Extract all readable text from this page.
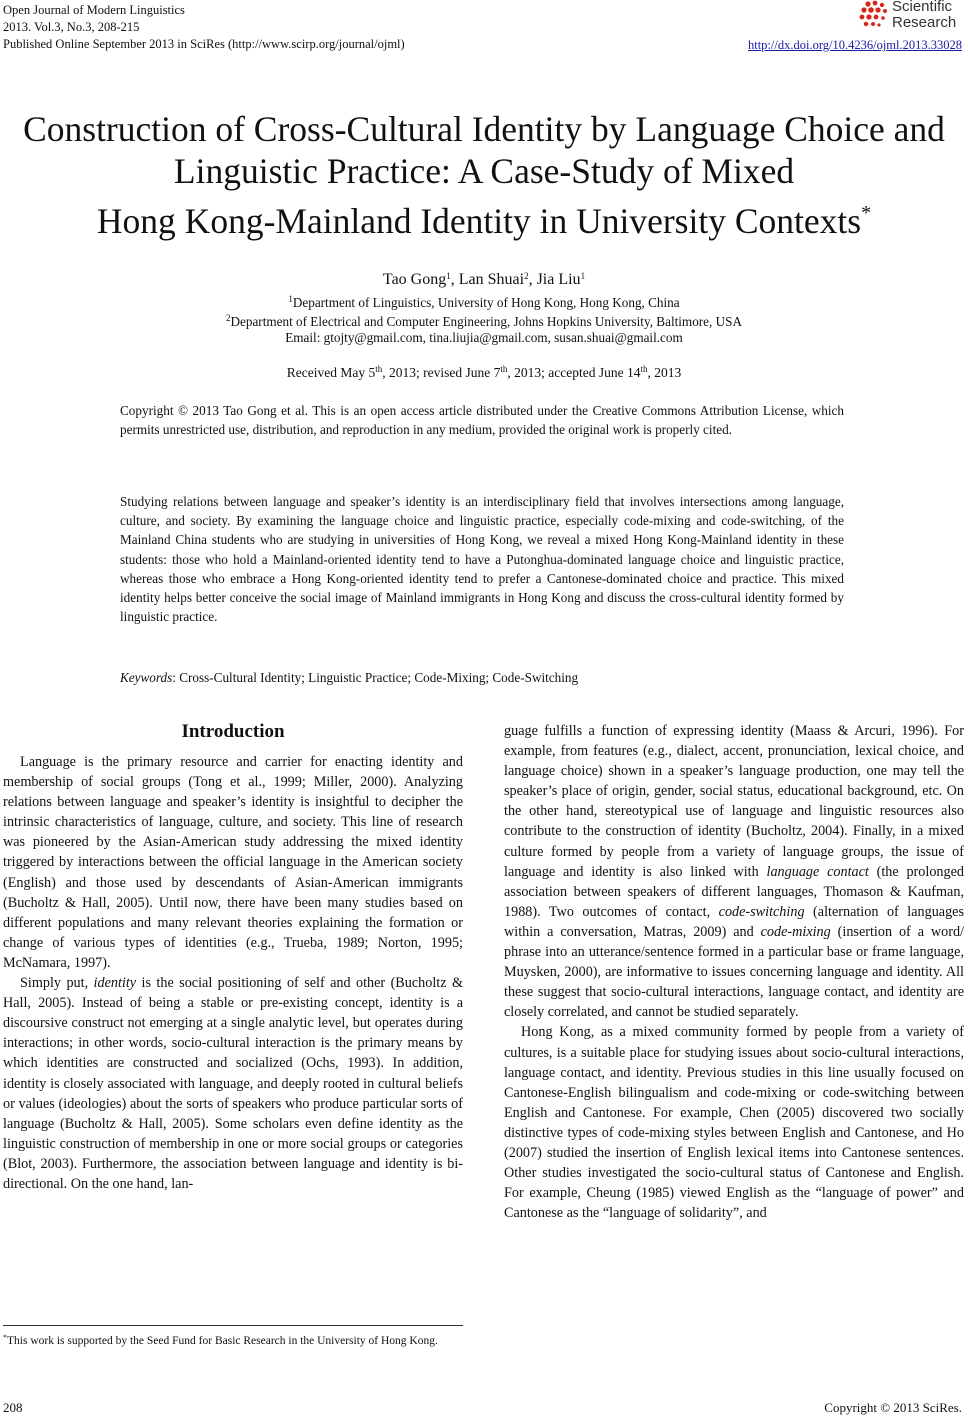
Open Journal of Modern Linguistics
2013. Vol.3, No.3, 208-215
Published Online September 2013 in SciRes (http://www.scirp.org/journal/ojml)	http://dx.doi.org/10.4236/ojml.2013.33028
Scientific
Research
Construction of Cross-Cultural Identity by Language Choice and
Linguistic Practice: A Case-Study of Mixed
Hong Kong-Mainland Identity in University Contexts*
Tao Gong$^1$, Lan Shuai$^2$, Jia Liu$^1$
$^1$Department of Linguistics, University of Hong Kong, Hong Kong, China
$^2$Department of Electrical and Computer Engineering, Johns Hopkins University, Baltimore, USA
Email: gtojty@gmail.com, tina.liujia@gmail.com, susan.shuai@gmail.com
Received May 5th, 2013; revised June 7th, 2013; accepted June 14th, 2013
Copyright © 2013 Tao Gong et al. This is an open access article distributed under the Creative Commons Attribution License, which permits unrestricted use, distribution, and reproduction in any medium, provided the original work is properly cited.
Studying relations between language and speaker’s identity is an interdisciplinary field that involves intersections among language, culture, and society. By examining the language choice and linguistic practice, especially code-mixing and code-switching, of the Mainland China students who are studying in universities of Hong Kong, we reveal a mixed Hong Kong-Mainland identity in these students: those who hold a Mainland-oriented identity tend to have a Putonghua-dominated language choice and linguistic practice, whereas those who embrace a Hong Kong-oriented identity tend to prefer a Cantonese-dominated choice and practice. This mixed identity helps better conceive the social image of Mainland immigrants in Hong Kong and discuss the cross-cultural identity formed by linguistic practice.
Keywords: Cross-Cultural Identity; Linguistic Practice; Code-Mixing; Code-Switching
Introduction

Language is the primary resource and carrier for enacting identity and membership of social groups (Tong et al., 1999; Miller, 2000). Analyzing relations between language and speaker’s identity is insightful to decipher the intrinsic characteristics of language, culture, and society. This line of research was pioneered by the Asian-American study addressing the mixed identity triggered by interactions between the official language in the American society (English) and those used by descendants of Asian-American immigrants (Bucholtz & Hall, 2005). Until now, there have been many studies based on different populations and many relevant theories explaining the formation or change of various types of identities (e.g., Trueba, 1989; Norton, 1995; McNamara, 1997).

Simply put, identity is the social positioning of self and other (Bucholtz & Hall, 2005). Instead of being a stable or pre-existing concept, identity is a discoursive construct not emerging at a single analytic level, but operates during interactions; in other words, socio-cultural interaction is the primary means by which identities are constructed and socialized (Ochs, 1993). In addition, identity is closely associated with language, and deeply rooted in cultural beliefs or values (ideologies) about the sorts of speakers who produce particular sorts of language (Bucholtz & Hall, 2005). Some scholars even define identity as the linguistic construction of membership in one or more social groups or categories (Blot, 2003). Furthermore, the association between language and identity is bi-directional. On the one hand, lan-

guage fulfills a function of expressing identity (Maass & Arcuri, 1996). For example, from features (e.g., dialect, accent, pronunciation, lexical choice, and language choice) shown in a speaker’s language production, one may tell the speaker’s place of origin, gender, social status, educational background, etc. On the other hand, stereotypical use of language and linguistic resources also contribute to the construction of identity (Bucholtz, 2004). Finally, in a mixed culture formed by people from a variety of language groups, the issue of language and identity is also linked with language contact (the prolonged association between speakers of different languages, Thomason & Kaufman, 1988). Two outcomes of contact, code-switching (alternation of languages within a conversation, Matras, 2009) and code-mixing (insertion of a word/ phrase into an utterance/sentence formed in a particular base or frame language, Muysken, 2000), are informative to issues concerning language and identity. All these suggest that socio-cultural interactions, language contact, and identity are closely correlated, and cannot be studied separately.

Hong Kong, as a mixed community formed by people from a variety of cultures, is a suitable place for studying issues about socio-cultural interactions, language contact, and identity. Previous studies in this line usually focused on Cantonese-English bilingualism and code-mixing or code-switching between English and Cantonese. For example, Chen (2005) discovered two socially distinctive types of code-mixing styles between English and Cantonese, and Ho (2007) studied the insertion of English lexical items into Cantonese sentences. Other studies investigated the socio-cultural status of Cantonese and English. For example, Cheung (1985) viewed English as the “language of power” and Cantonese as the “language of solidarity”, and

*This work is supported by the Seed Fund for Basic Research in the University of Hong Kong.
208	Copyright © 2013 SciRes.
